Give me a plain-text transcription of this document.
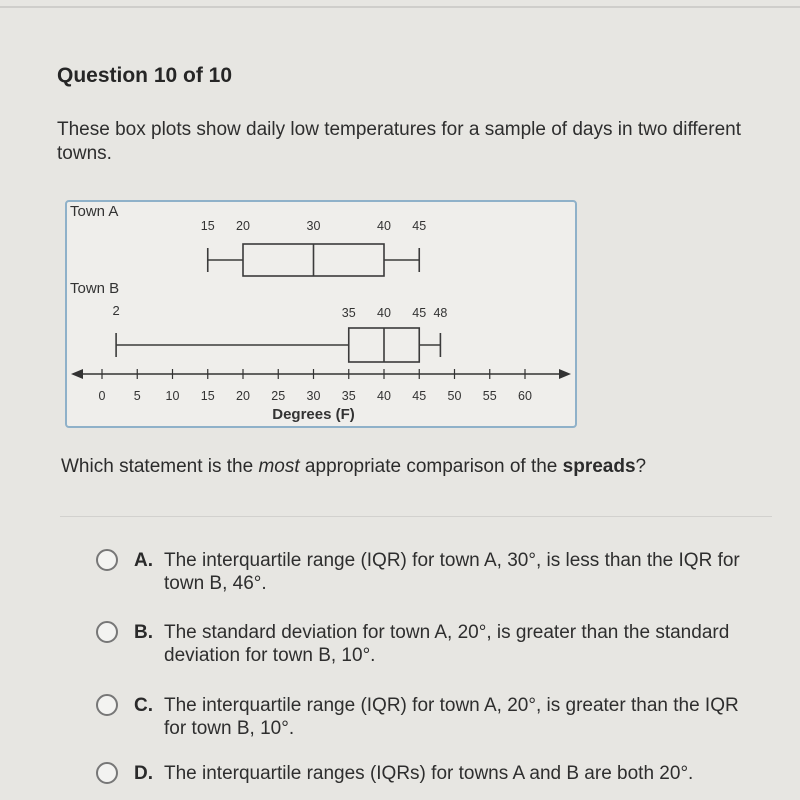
Question 10 of 10
These box plots show daily low temperatures for a sample of days in two different towns.
Town A
15 20	30	40 45
Town B
2	35 40 45 48
0 5 10 15 20 25 30 35 40 45 50 55 60
Degrees (F)
Which statement is the most appropriate comparison of the spreads?
A. The interquartile range (IQR) for town A, 30°, is less than the IQR for town B, 46°.
B. The standard deviation for town A, 20°, is greater than the standard deviation for town B, 10°.
C. The interquartile range (IQR) for town A, 20°, is greater than the IQR for town B, 10°.
D. The interquartile ranges (IQRs) for towns A and B are both 20°.
